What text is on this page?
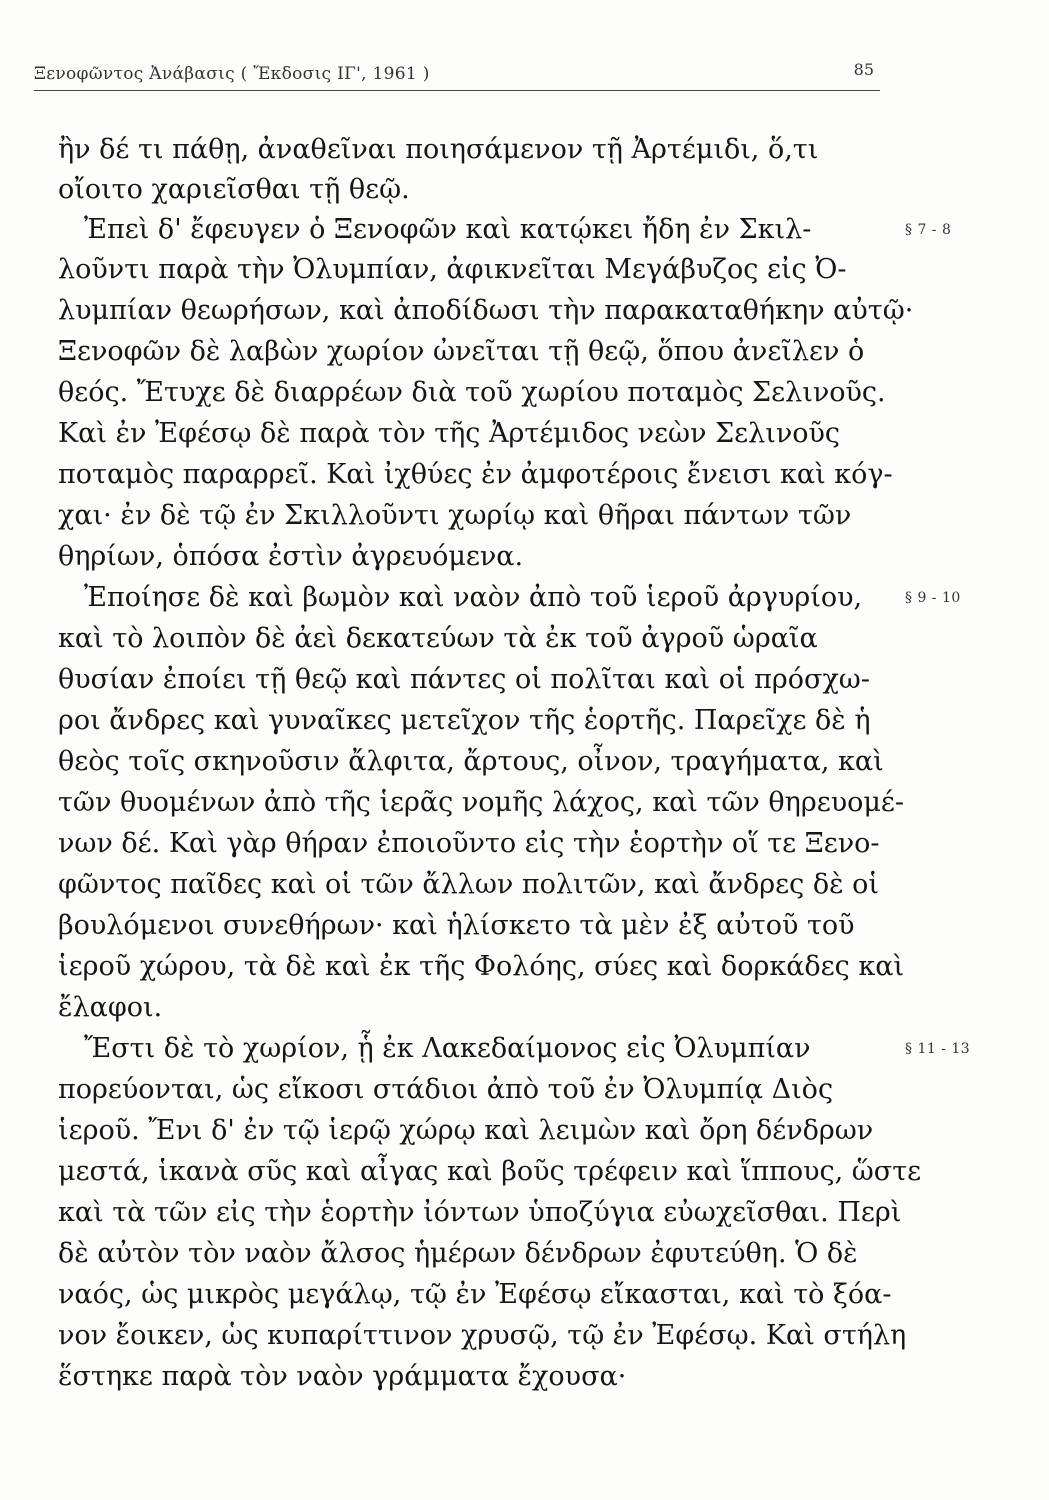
Ξενοφῶντος Ἀνάβασις ( Ἔκδοσις ΙΓ', 1961 )	85
ἢν δέ τι πάθῃ, ἀναθεῖναι ποιησάμενον τῇ Ἀρτέμιδι, ὅ,τι
οἴοιτο χαριεῖσθαι τῇ θεῷ.
Ἐπεὶ δ' ἔφευγεν ὁ Ξενοφῶν καὶ κατῴκει ἤδη ἐν Σκιλ-
λοῦντι παρὰ τὴν Ὀλυμπίαν, ἀφικνεῖται Μεγάβυζος εἰς Ὀ-
λυμπίαν θεωρήσων, καὶ ἀποδίδωσι τὴν παρακαταθήκην αὐτῷ·
Ξενοφῶν δὲ λαβὼν χωρίον ὠνεῖται τῇ θεῷ, ὅπου ἀνεῖλεν ὁ
θεός. Ἔτυχε δὲ διαρρέων διὰ τοῦ χωρίου ποταμὸς Σελινοῦς.
Καὶ ἐν Ἐφέσῳ δὲ παρὰ τὸν τῆς Ἀρτέμιδος νεὼν Σελινοῦς
ποταμὸς παραρρεῖ. Καὶ ἰχθύες ἐν ἀμφοτέροις ἔνεισι καὶ κόγ-
χαι· ἐν δὲ τῷ ἐν Σκιλλοῦντι χωρίῳ καὶ θῆραι πάντων τῶν
θηρίων, ὁπόσα ἐστὶν ἀγρευόμενα.
Ἐποίησε δὲ καὶ βωμὸν καὶ ναὸν ἀπὸ τοῦ ἱεροῦ ἀργυρίου,
καὶ τὸ λοιπὸν δὲ ἀεὶ δεκατεύων τὰ ἐκ τοῦ ἀγροῦ ὡραῖα
θυσίαν ἐποίει τῇ θεῷ καὶ πάντες οἱ πολῖται καὶ οἱ πρόσχω-
ροι ἄνδρες καὶ γυναῖκες μετεῖχον τῆς ἑορτῆς. Παρεῖχε δὲ ἡ
θεὸς τοῖς σκηνοῦσιν ἄλφιτα, ἄρτους, οἶνον, τραγήματα, καὶ
τῶν θυομένων ἀπὸ τῆς ἱερᾶς νομῆς λάχος, καὶ τῶν θηρευομέ-
νων δέ. Καὶ γὰρ θήραν ἐποιοῦντο εἰς τὴν ἑορτὴν οἵ τε Ξενο-
φῶντος παῖδες καὶ οἱ τῶν ἄλλων πολιτῶν, καὶ ἄνδρες δὲ οἱ
βουλόμενοι συνεθήρων· καὶ ἡλίσκετο τὰ μὲν ἐξ αὐτοῦ τοῦ
ἱεροῦ χώρου, τὰ δὲ καὶ ἐκ τῆς Φολόης, σύες καὶ δορκάδες καὶ
ἔλαφοι.
Ἔστι δὲ τὸ χωρίον, ᾗ ἐκ Λακεδαίμονος εἰς Ὀλυμπίαν
πορεύονται, ὡς εἴκοσι στάδιοι ἀπὸ τοῦ ἐν Ὀλυμπίᾳ Διὸς
ἱεροῦ. Ἔνι δ' ἐν τῷ ἱερῷ χώρῳ καὶ λειμὼν καὶ ὄρη δένδρων
μεστά, ἱκανὰ σῦς καὶ αἶγας καὶ βοῦς τρέφειν καὶ ἵππους, ὥστε
καὶ τὰ τῶν εἰς τὴν ἑορτὴν ἰόντων ὑποζύγια εὐωχεῖσθαι. Περὶ
δὲ αὐτὸν τὸν ναὸν ἄλσος ἡμέρων δένδρων ἐφυτεύθη. Ὁ δὲ
ναός, ὡς μικρὸς μεγάλῳ, τῷ ἐν Ἐφέσῳ εἴκασται, καὶ τὸ ξόα-
νον ἔοικεν, ὡς κυπαρίττινον χρυσῷ, τῷ ἐν Ἐφέσῳ. Καὶ στήλη
ἕστηκε παρὰ τὸν ναὸν γράμματα ἔχουσα·
§ 7 - 8
§ 9 - 10
§ 11 - 13
